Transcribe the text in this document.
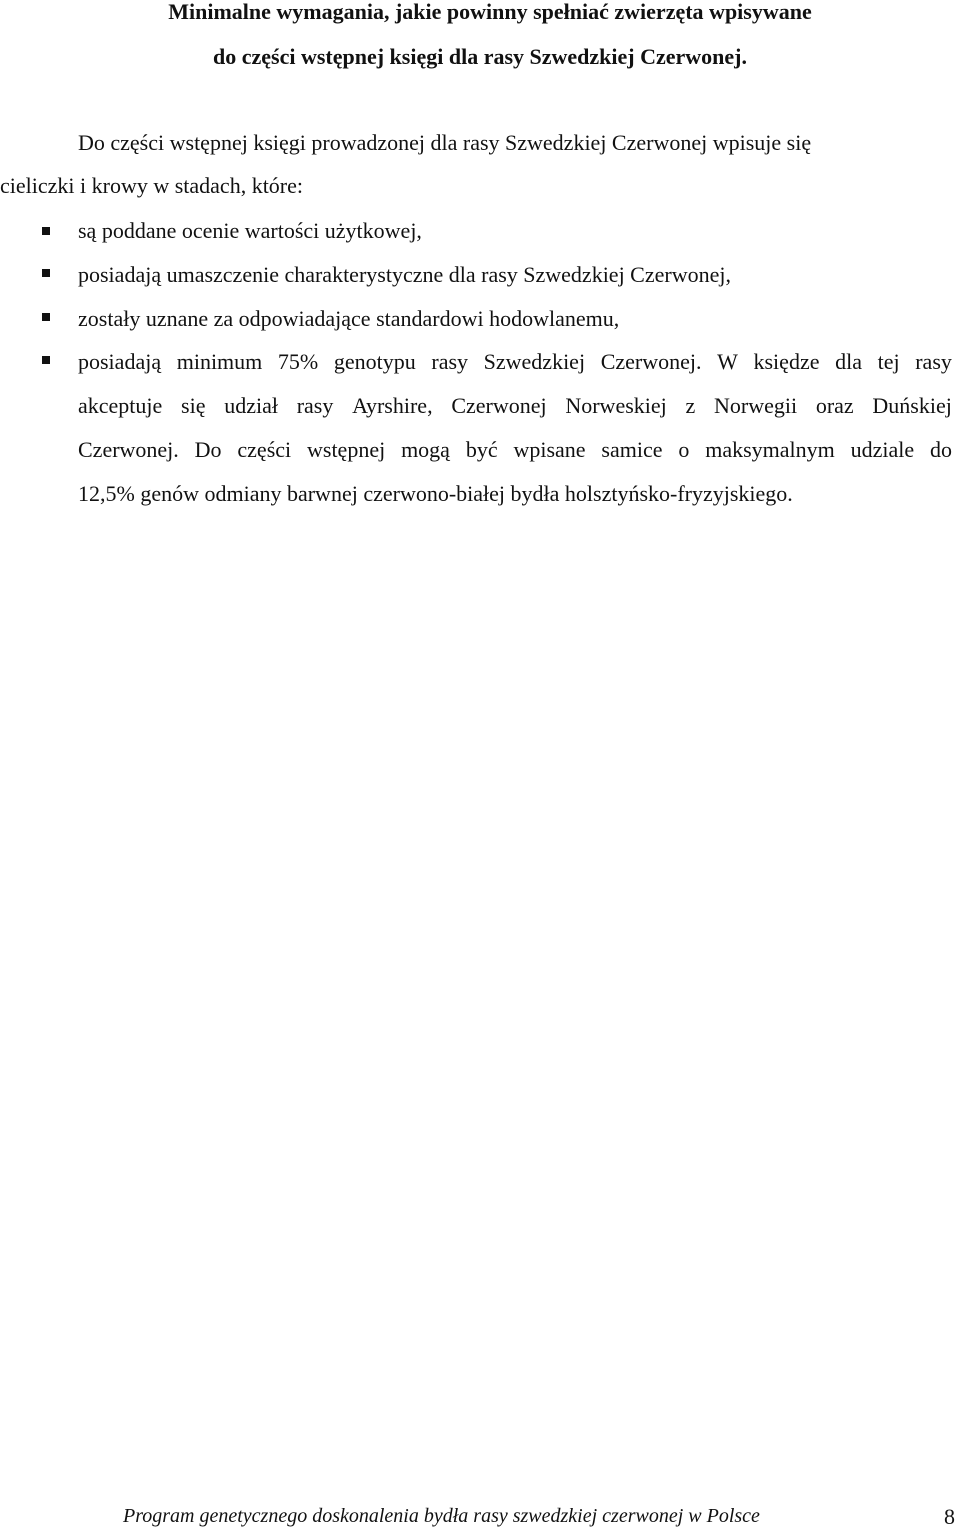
Minimalne wymagania, jakie powinny spełniać zwierzęta wpisywane
do części wstępnej księgi dla rasy Szwedzkiej Czerwonej.
Do części wstępnej księgi prowadzonej dla rasy Szwedzkiej Czerwonej wpisuje się
cieliczki i krowy w stadach, które:
są poddane ocenie wartości użytkowej,
posiadają umaszczenie charakterystyczne dla rasy Szwedzkiej Czerwonej,
zostały uznane za odpowiadające standardowi hodowlanemu,
posiadają minimum 75% genotypu rasy Szwedzkiej Czerwonej. W księdze dla tej rasy
akceptuje się udział rasy Ayrshire, Czerwonej Norweskiej z Norwegii oraz Duńskiej
Czerwonej. Do części wstępnej mogą być wpisane samice o maksymalnym udziale do
12,5% genów odmiany barwnej czerwono-białej bydła holsztyńsko-fryzyjskiego.
Program genetycznego doskonalenia bydła rasy szwedzkiej czerwonej w Polsce	8
